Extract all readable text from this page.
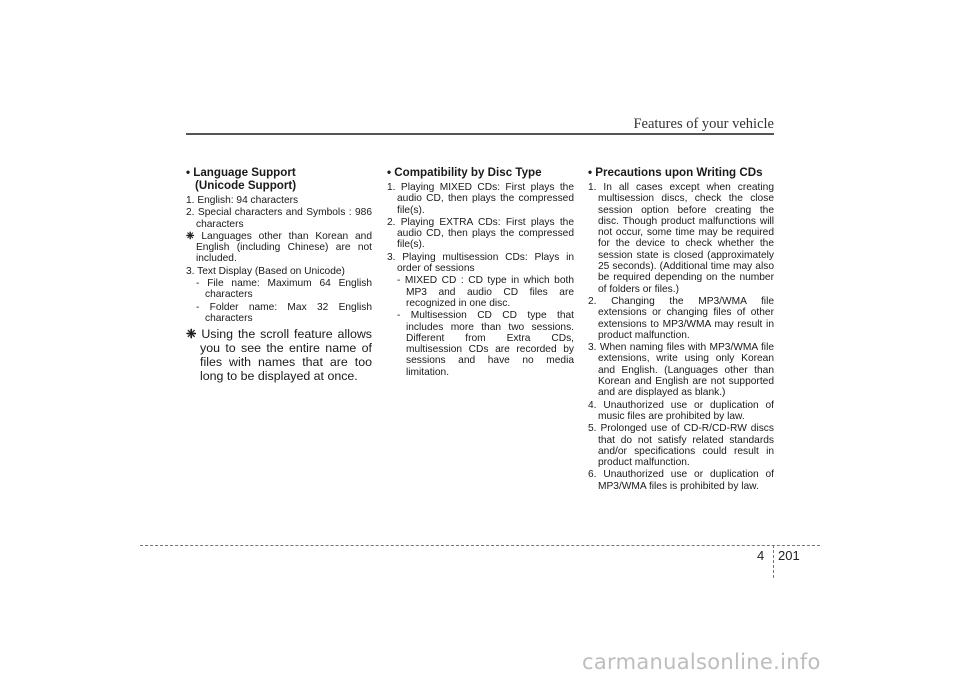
Features of your vehicle
• Language Support
(Unicode Support)
1. English: 94 characters
2. Special characters and Symbols : 986 characters
❈ Languages other than Korean and English (including Chinese) are not included.
3. Text Display (Based on Unicode)
- File name: Maximum 64 English characters
- Folder name: Max 32 English characters
❈ Using the scroll feature allows you to see the entire name of files with names that are too long to be displayed at once.
• Compatibility by Disc Type
1. Playing MIXED CDs: First plays the audio CD, then plays the compressed file(s).
2. Playing EXTRA CDs: First plays the audio CD, then plays the compressed file(s).
3. Playing multisession CDs: Plays in order of sessions
- MIXED CD : CD type in which both MP3 and audio CD files are recognized in one disc.
- Multisession CD CD type that includes more than two sessions. Different from Extra CDs, multisession CDs are recorded by sessions and have no media limitation.
• Precautions upon Writing CDs
1. In all cases except when creating multisession discs, check the close session option before creating the disc. Though product malfunctions will not occur, some time may be required for the device to check whether the session state is closed (approximately 25 seconds). (Additional time may also be required depending on the number of folders or files.)
2. Changing the MP3/WMA file extensions or changing files of other extensions to MP3/WMA may result in product malfunction.
3. When naming files with MP3/WMA file extensions, write using only Korean and English. (Languages other than Korean and English are not supported and are displayed as blank.)
4. Unauthorized use or duplication of music files are prohibited by law.
5. Prolonged use of CD-R/CD-RW discs that do not satisfy related standards and/or specifications could result in product malfunction.
6. Unauthorized use or duplication of MP3/WMA files is prohibited by law.
4 201
carmanualsonline.info
